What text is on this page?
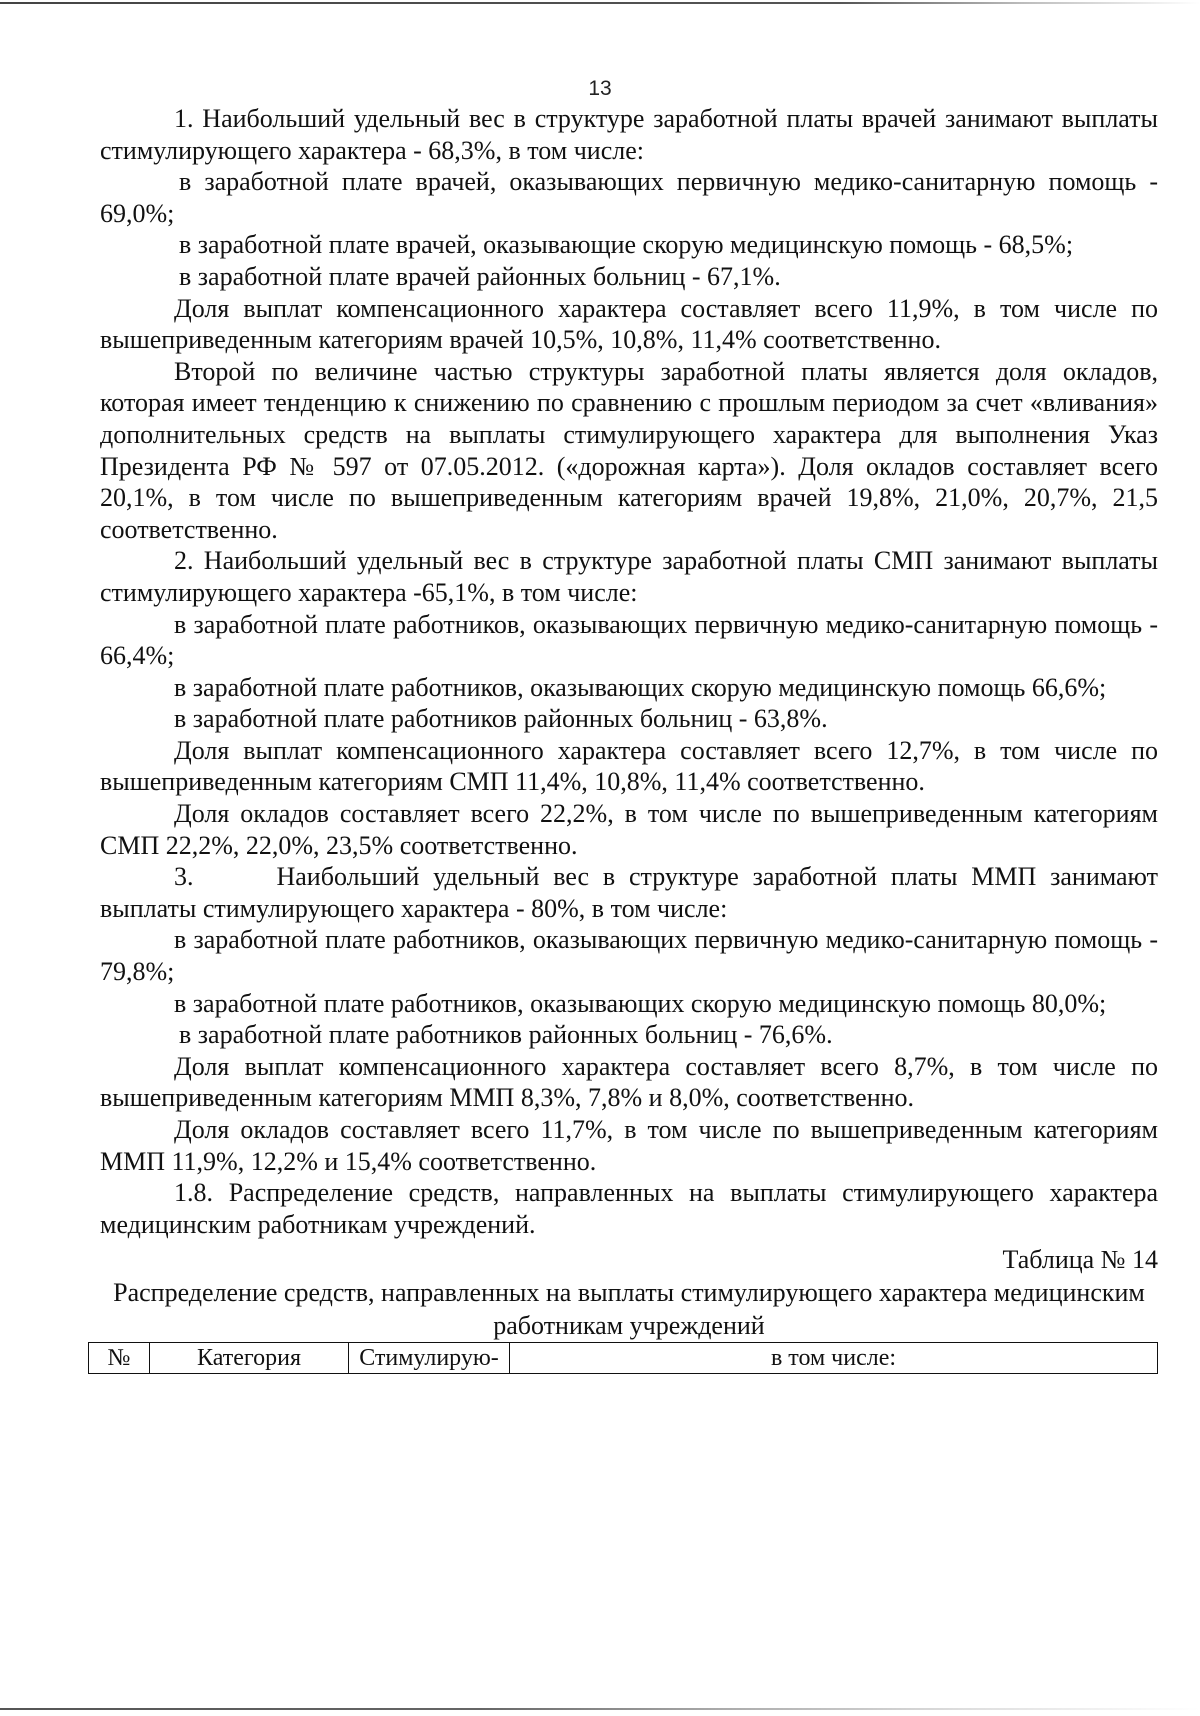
13

1. Наибольший удельный вес в структуре заработной платы врачей занимают выплаты стимулирующего характера - 68,3%, в том числе:

в заработной плате врачей, оказывающих первичную медико-санитарную помощь - 69,0%;

в заработной плате врачей, оказывающие скорую медицинскую помощь - 68,5%;

в заработной плате врачей районных больниц - 67,1%.

Доля выплат компенсационного характера составляет всего 11,9%, в том числе по вышеприведенным категориям врачей 10,5%, 10,8%, 11,4% соответственно.

Второй по величине частью структуры заработной платы является доля окладов, которая имеет тенденцию к снижению по сравнению с прошлым периодом за счет «вливания» дополнительных средств на выплаты стимулирующего характера для выполнения Указ Президента РФ № 597 от 07.05.2012. («дорожная карта»). Доля окладов составляет всего 20,1%, в том числе по вышеприведенным категориям врачей 19,8%, 21,0%, 20,7%, 21,5 соответственно.

2. Наибольший удельный вес в структуре заработной платы СМП занимают выплаты стимулирующего характера -65,1%, в том числе:

в заработной плате работников, оказывающих первичную медико-санитарную помощь - 66,4%;

в заработной плате работников, оказывающих скорую медицинскую помощь 66,6%;

в заработной плате работников районных больниц - 63,8%.

Доля выплат компенсационного характера составляет всего 12,7%, в том числе по вышеприведенным категориям СМП 11,4%, 10,8%, 11,4% соответственно.

Доля окладов составляет всего 22,2%, в том числе по вышеприведенным категориям СМП 22,2%, 22,0%, 23,5% соответственно.

3.      Наибольший удельный вес в структуре заработной платы ММП занимают выплаты стимулирующего характера - 80%, в том числе:

в заработной плате работников, оказывающих первичную медико-санитарную помощь - 79,8%;

в заработной плате работников, оказывающих скорую медицинскую помощь 80,0%;

в заработной плате работников районных больниц - 76,6%.

Доля выплат компенсационного характера составляет всего 8,7%, в том числе по вышеприведенным категориям ММП 8,3%, 7,8% и 8,0%, соответственно.

Доля окладов составляет всего 11,7%, в том числе по вышеприведенным категориям ММП 11,9%, 12,2% и 15,4% соответственно.

1.8. Распределение средств, направленных на выплаты стимулирующего характера медицинским работникам учреждений.

Таблица № 14

Распределение средств, направленных на выплаты стимулирующего характера медицинским работникам учреждений

№	Категория	Стимулирую-	в том числе:
